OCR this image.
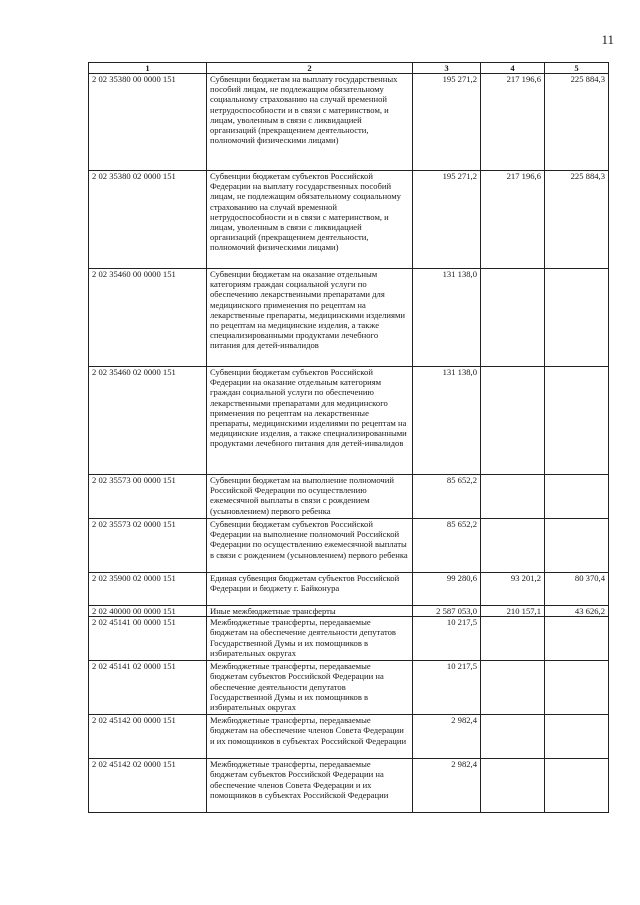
11
1	2	3	4	5
2 02 35380 00 0000 151	Субвенции бюджетам на выплату государственных пособий лицам, не подлежащим обязательному социальному страхованию на случай временной нетрудоспособности и в связи с материнством, и лицам, уволенным в связи с ликвидацией организаций (прекращением деятельности, полномочий физическими лицами)	195 271,2	217 196,6	225 884,3
2 02 35380 02 0000 151	Субвенции бюджетам субъектов Российской Федерации на выплату государственных пособий лицам, не подлежащим обязательному социальному страхованию на случай временной нетрудоспособности и в связи с материнством, и лицам, уволенным в связи с ликвидацией организаций (прекращением деятельности, полномочий физическими лицами)	195 271,2	217 196,6	225 884,3
2 02 35460 00 0000 151	Субвенции бюджетам на оказание отдельным категориям граждан социальной услуги по обеспечению лекарственными препаратами для медицинского применения по рецептам на лекарственные препараты, медицинскими изделиями по рецептам на медицинские изделия, а также специализированными продуктами лечебного питания для детей-инвалидов	131 138,0		
2 02 35460 02 0000 151	Субвенции бюджетам субъектов Российской Федерации на оказание отдельным категориям граждан социальной услуги по обеспечению лекарственными препаратами для медицинского применения по рецептам на лекарственные препараты, медицинскими изделиями по рецептам на медицинские изделия, а также специализированными продуктами лечебного питания для детей-инвалидов	131 138,0		
2 02 35573 00 0000 151	Субвенции бюджетам на выполнение полномочий Российской Федерации по осуществлению ежемесячной выплаты в связи с рождением (усыновлением) первого ребенка	85 652,2		
2 02 35573 02 0000 151	Субвенции бюджетам субъектов Российской Федерации на выполнение полномочий Российской Федерации по осуществлению ежемесячной выплаты в связи с рождением (усыновлением) первого ребенка	85 652,2		
2 02 35900 02 0000 151	Единая субвенция бюджетам субъектов Российской Федерации и бюджету г. Байконура	99 280,6	93 201,2	80 370,4
2 02 40000 00 0000 151	Иные межбюджетные трансферты	2 587 053,0	210 157,1	43 626,2
2 02 45141 00 0000 151	Межбюджетные трансферты, передаваемые бюджетам на обеспечение деятельности депутатов Государственной Думы и их помощников в избирательных округах	10 217,5		
2 02 45141 02 0000 151	Межбюджетные трансферты, передаваемые бюджетам субъектов Российской Федерации на обеспечение деятельности депутатов Государственной Думы и их помощников в избирательных округах	10 217,5		
2 02 45142 00 0000 151	Межбюджетные трансферты, передаваемые бюджетам на обеспечение членов Совета Федерации и их помощников в субъектах Российской Федерации	2 982,4		
2 02 45142 02 0000 151	Межбюджетные трансферты, передаваемые бюджетам субъектов Российской Федерации на обеспечение членов Совета Федерации и их помощников в субъектах Российской Федерации	2 982,4		
